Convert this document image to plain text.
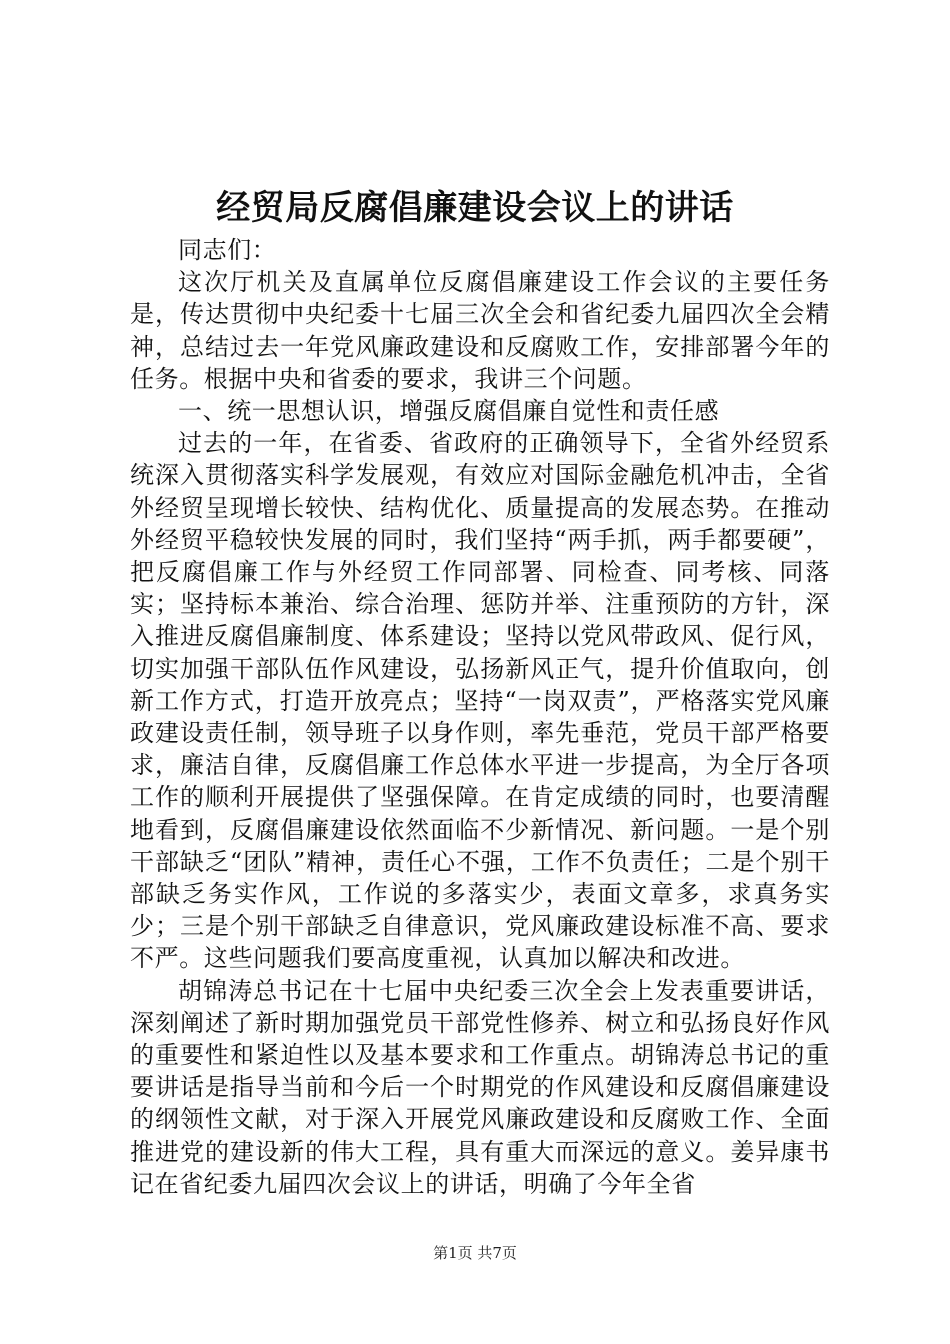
经贸局反腐倡廉建设会议上的讲话

同志们：

这次厅机关及直属单位反腐倡廉建设工作会议的主要任务是，传达贯彻中央纪委十七届三次全会和省纪委九届四次全会精神，总结过去一年党风廉政建设和反腐败工作，安排部署今年的任务。根据中央和省委的要求，我讲三个问题。

一、统一思想认识，增强反腐倡廉自觉性和责任感

过去的一年，在省委、省政府的正确领导下，全省外经贸系统深入贯彻落实科学发展观，有效应对国际金融危机冲击，全省外经贸呈现增长较快、结构优化、质量提高的发展态势。在推动外经贸平稳较快发展的同时，我们坚持“两手抓，两手都要硬”，把反腐倡廉工作与外经贸工作同部署、同检查、同考核、同落实；坚持标本兼治、综合治理、惩防并举、注重预防的方针，深入推进反腐倡廉制度、体系建设；坚持以党风带政风、促行风，切实加强干部队伍作风建设，弘扬新风正气，提升价值取向，创新工作方式，打造开放亮点；坚持“一岗双责”，严格落实党风廉政建设责任制，领导班子以身作则，率先垂范，党员干部严格要求，廉洁自律，反腐倡廉工作总体水平进一步提高，为全厅各项工作的顺利开展提供了坚强保障。在肯定成绩的同时，也要清醒地看到，反腐倡廉建设依然面临不少新情况、新问题。一是个别干部缺乏“团队”精神，责任心不强，工作不负责任；二是个别干部缺乏务实作风，工作说的多落实少，表面文章多，求真务实少；三是个别干部缺乏自律意识，党风廉政建设标准不高、要求不严。这些问题我们要高度重视，认真加以解决和改进。

胡锦涛总书记在十七届中央纪委三次全会上发表重要讲话，深刻阐述了新时期加强党员干部党性修养、树立和弘扬良好作风的重要性和紧迫性以及基本要求和工作重点。胡锦涛总书记的重要讲话是指导当前和今后一个时期党的作风建设和反腐倡廉建设的纲领性文献，对于深入开展党风廉政建设和反腐败工作、全面推进党的建设新的伟大工程，具有重大而深远的意义。姜异康书记在省纪委九届四次会议上的讲话，明确了今年全省

第1页 共7页
